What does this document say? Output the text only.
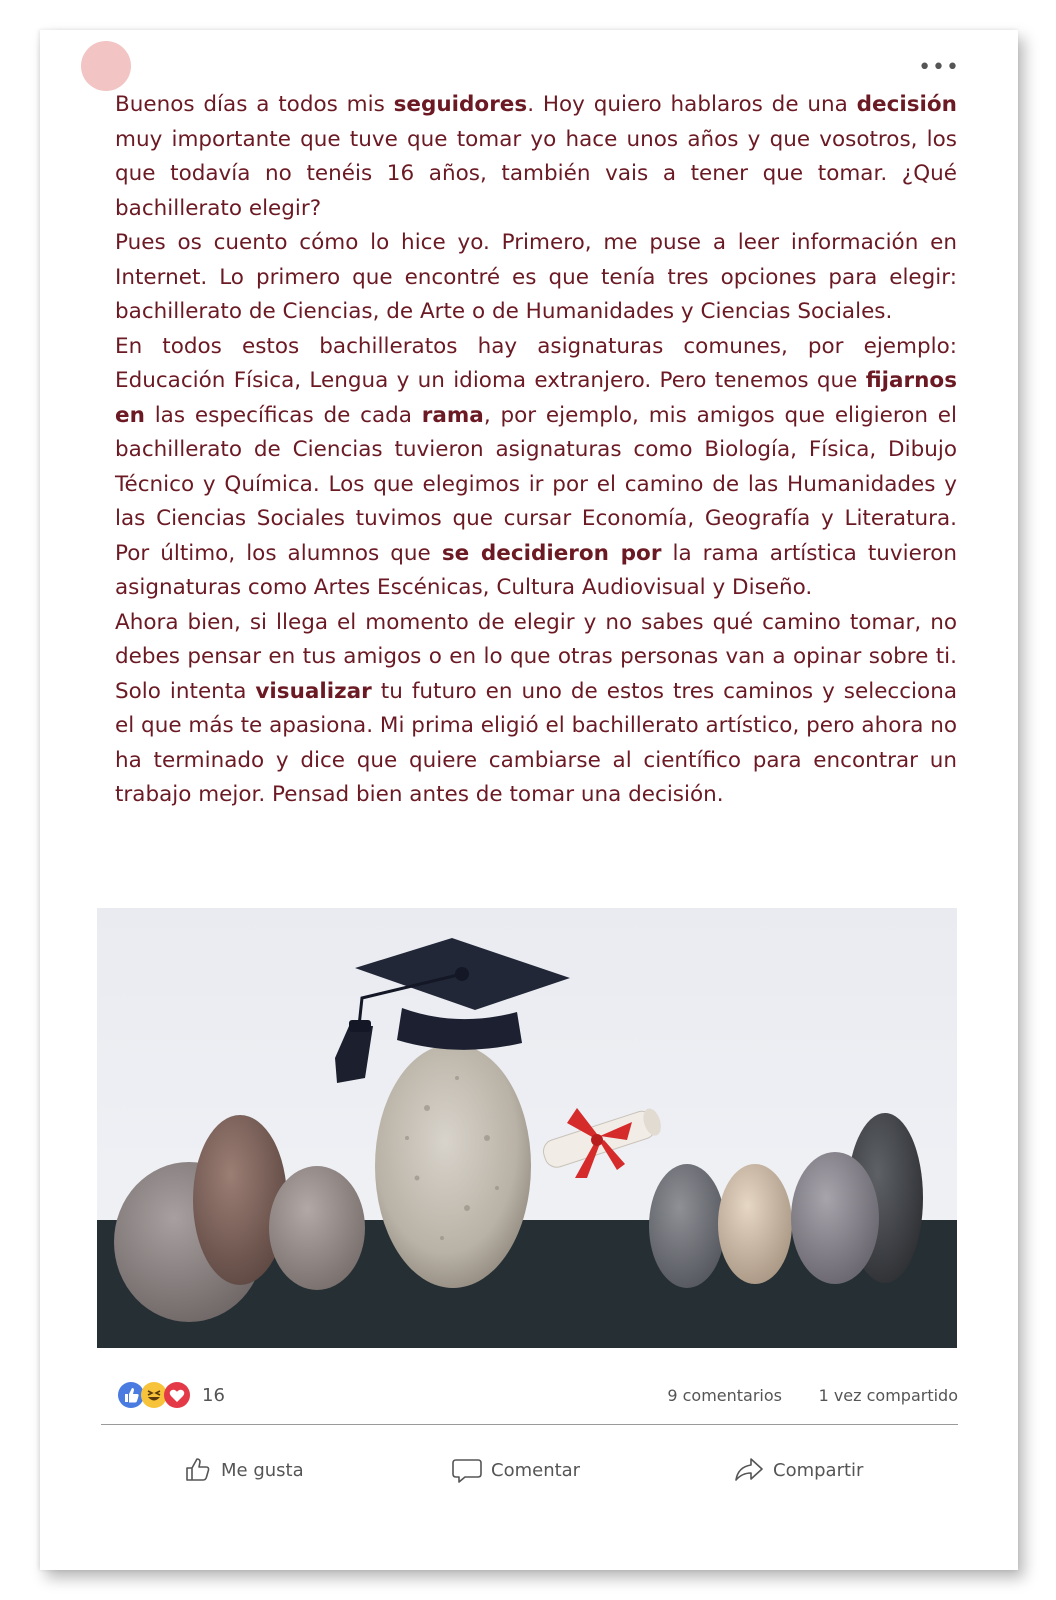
•••

Buenos días a todos mis seguidores. Hoy quiero hablaros de una decisión muy importante que tuve que tomar yo hace unos años y que vosotros, los que todavía no tenéis 16 años, también vais a tener que tomar. ¿Qué bachillerato elegir?

Pues os cuento cómo lo hice yo. Primero, me puse a leer información en Internet. Lo primero que encontré es que tenía tres opciones para elegir: bachillerato de Ciencias, de Arte o de Humanidades y Ciencias Sociales.

En todos estos bachilleratos hay asignaturas comunes, por ejemplo: Educación Física, Lengua y un idioma extranjero. Pero tenemos que fijarnos en las específicas de cada rama, por ejemplo, mis amigos que eligieron el bachillerato de Ciencias tuvieron asignaturas como Biología, Física, Dibujo Técnico y Química. Los que elegimos ir por el camino de las Humanidades y las Ciencias Sociales tuvimos que cursar Economía, Geografía y Literatura. Por último, los alumnos que se decidieron por la rama artística tuvieron asignaturas como Artes Escénicas, Cultura Audiovisual y Diseño.

Ahora bien, si llega el momento de elegir y no sabes qué camino tomar, no debes pensar en tus amigos o en lo que otras personas van a opinar sobre ti. Solo intenta visualizar tu futuro en uno de estos tres caminos y selecciona el que más te apasiona. Mi prima eligió el bachillerato artístico, pero ahora no ha terminado y dice que quiere cambiarse al científico para encontrar un trabajo mejor. Pensad bien antes de tomar una decisión.

16	9 comentarios 1 vez compartido
Me gusta	Comentar	Compartir
